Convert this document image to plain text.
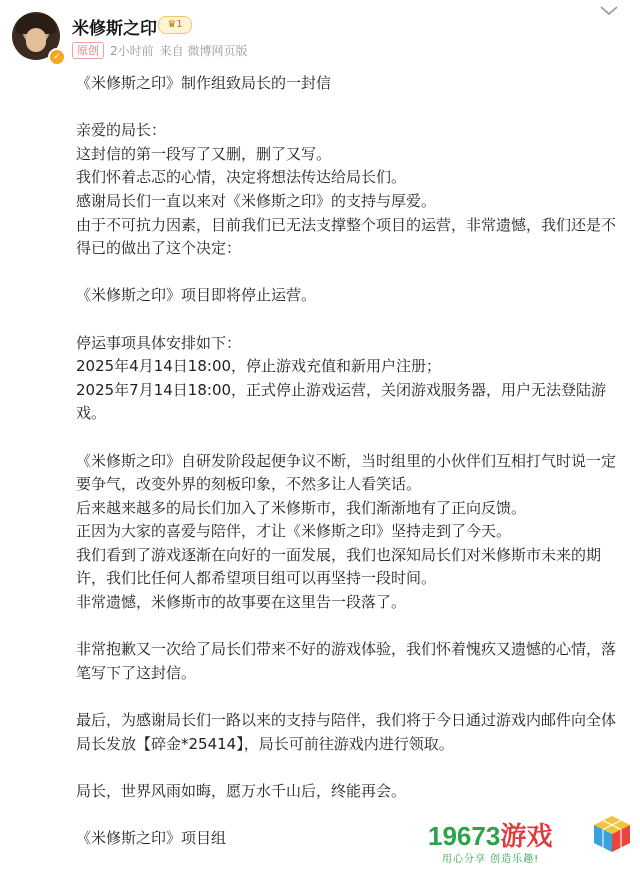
✓
米修斯之印	♛1
原创 2小时前 来自 微博网页版

《米修斯之印》制作组致局长的一封信

亲爱的局长：

这封信的第一段写了又删，删了又写。

我们怀着忐忑的心情，决定将想法传达给局长们。

感谢局长们一直以来对《米修斯之印》的支持与厚爱。

由于不可抗力因素，目前我们已无法支撑整个项目的运营，非常遗憾，我们还是不得已的做出了这个决定：

《米修斯之印》项目即将停止运营。

停运事项具体安排如下：

2025年4月14日18:00，停止游戏充值和新用户注册；

2025年7月14日18:00，正式停止游戏运营，关闭游戏服务器，用户无法登陆游戏。

《米修斯之印》自研发阶段起便争议不断，当时组里的小伙伴们互相打气时说一定要争气，改变外界的刻板印象，不然多让人看笑话。

后来越来越多的局长们加入了米修斯市，我们渐渐地有了正向反馈。

正因为大家的喜爱与陪伴，才让《米修斯之印》坚持走到了今天。

我们看到了游戏逐渐在向好的一面发展，我们也深知局长们对米修斯市未来的期许，我们比任何人都希望项目组可以再坚持一段时间。

非常遗憾，米修斯市的故事要在这里告一段落了。

非常抱歉又一次给了局长们带来不好的游戏体验，我们怀着愧疚又遗憾的心情，落笔写下了这封信。

最后，为感谢局长们一路以来的支持与陪伴，我们将于今日通过游戏内邮件向全体局长发放【碎金*25414】，局长可前往游戏内进行领取。

局长，世界风雨如晦，愿万水千山后，终能再会。

《米修斯之印》项目组	19673游戏
用心分享 创造乐趣!
